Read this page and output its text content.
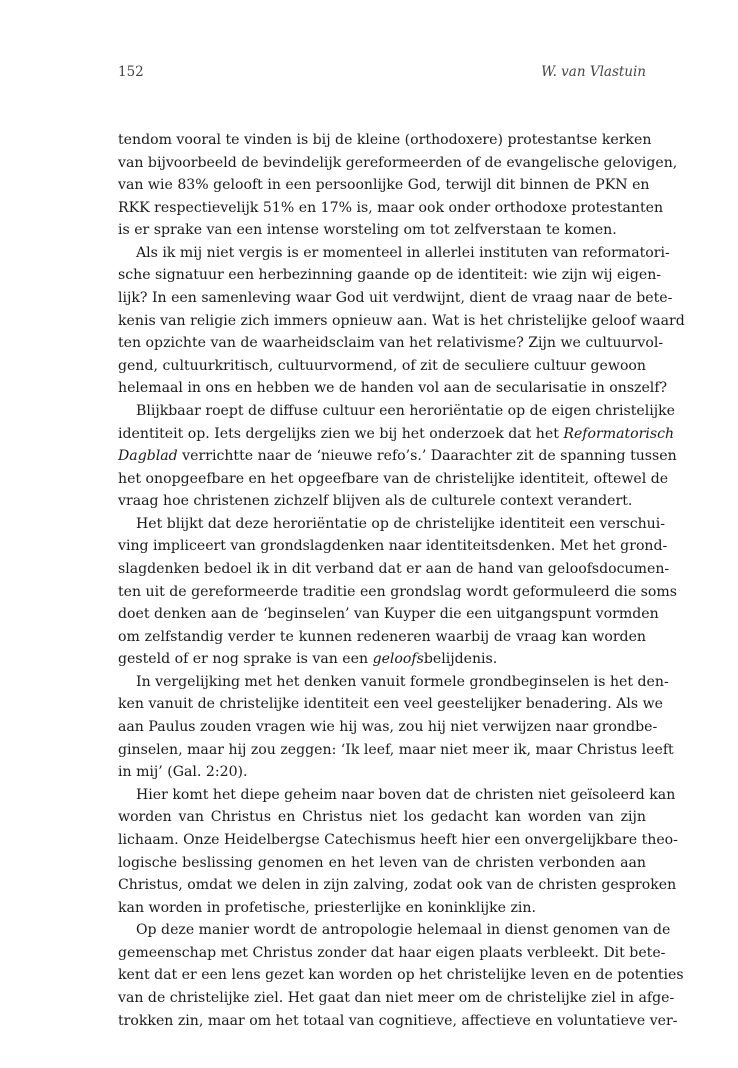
152	W. van Vlastuin
tendom vooral te vinden is bij de kleine (orthodoxere) protestantse kerken
van bijvoorbeeld de bevindelijk gereformeerden of de evangelische gelovigen,
van wie 83% gelooft in een persoonlijke God, terwijl dit binnen de PKN en
RKK respectievelijk 51% en 17% is, maar ook onder orthodoxe protestanten
is er sprake van een intense worsteling om tot zelfverstaan te komen.
Als ik mij niet vergis is er momenteel in allerlei instituten van reformatori-
sche signatuur een herbezinning gaande op de identiteit: wie zijn wij eigen-
lijk? In een samenleving waar God uit verdwijnt, dient de vraag naar de bete-
kenis van religie zich immers opnieuw aan. Wat is het christelijke geloof waard
ten opzichte van de waarheidsclaim van het relativisme? Zijn we cultuurvol-
gend, cultuurkritisch, cultuurvormend, of zit de seculiere cultuur gewoon
helemaal in ons en hebben we de handen vol aan de secularisatie in onszelf?
Blijkbaar roept de diffuse cultuur een heroriëntatie op de eigen christelijke
identiteit op. Iets dergelijks zien we bij het onderzoek dat het Reformatorisch
Dagblad verrichtte naar de ‘nieuwe refo’s.’ Daarachter zit de spanning tussen
het onopgeefbare en het opgeefbare van de christelijke identiteit, oftewel de
vraag hoe christenen zichzelf blijven als de culturele context verandert.
Het blijkt dat deze heroriëntatie op de christelijke identiteit een verschui-
ving impliceert van grondslagdenken naar identiteitsdenken. Met het grond-
slagdenken bedoel ik in dit verband dat er aan de hand van geloofsdocumen-
ten uit de gereformeerde traditie een grondslag wordt geformuleerd die soms
doet denken aan de ‘beginselen’ van Kuyper die een uitgangspunt vormden
om zelfstandig verder te kunnen redeneren waarbij de vraag kan worden
gesteld of er nog sprake is van een geloofsbelijdenis.
In vergelijking met het denken vanuit formele grondbeginselen is het den-
ken vanuit de christelijke identiteit een veel geestelijker benadering. Als we
aan Paulus zouden vragen wie hij was, zou hij niet verwijzen naar grondbe-
ginselen, maar hij zou zeggen: ‘Ik leef, maar niet meer ik, maar Christus leeft
in mij’ (Gal. 2:20).
Hier komt het diepe geheim naar boven dat de christen niet geïsoleerd kan
worden van Christus en Christus niet los gedacht kan worden van zijn
lichaam. Onze Heidelbergse Catechismus heeft hier een onvergelijkbare theo-
logische beslissing genomen en het leven van de christen verbonden aan
Christus, omdat we delen in zijn zalving, zodat ook van de christen gesproken
kan worden in profetische, priesterlijke en koninklijke zin.
Op deze manier wordt de antropologie helemaal in dienst genomen van de
gemeenschap met Christus zonder dat haar eigen plaats verbleekt. Dit bete-
kent dat er een lens gezet kan worden op het christelijke leven en de potenties
van de christelijke ziel. Het gaat dan niet meer om de christelijke ziel in afge-
trokken zin, maar om het totaal van cognitieve, affectieve en voluntatieve ver-
